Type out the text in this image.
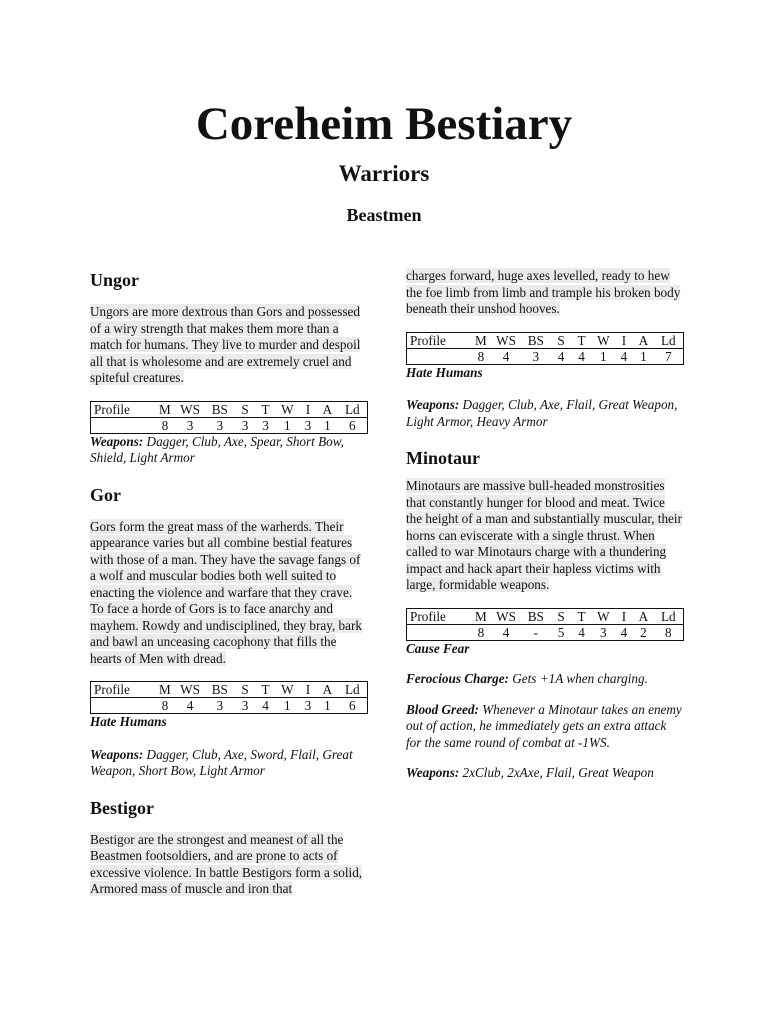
Coreheim Bestiary
Warriors
Beastmen
Ungor

Ungors are more dextrous than Gors and possessed of a wiry strength that makes them more than a match for humans. They live to murder and despoil all that is wholesome and are extremely cruel and spiteful creatures.

Profile	M	WS	BS	S	T	W	I	A	Ld
	8	3	3	3	3	1	3	1	6

Weapons: Dagger, Club, Axe, Spear, Short Bow, Shield, Light Armor

Gor

Gors form the great mass of the warherds. Their appearance varies but all combine bestial features with those of a man. They have the savage fangs of a wolf and muscular bodies both well suited to enacting the violence and warfare that they crave. To face a horde of Gors is to face anarchy and mayhem. Rowdy and undisciplined, they bray, bark and bawl an unceasing cacophony that fills the hearts of Men with dread.

Profile	M	WS	BS	S	T	W	I	A	Ld
	8	4	3	3	4	1	3	1	6

Hate Humans

Weapons: Dagger, Club, Axe, Sword, Flail, Great Weapon, Short Bow, Light Armor

Bestigor

Bestigor are the strongest and meanest of all the Beastmen footsoldiers, and are prone to acts of excessive violence. In battle Bestigors form a solid, Armored mass of muscle and iron that

charges forward, huge axes levelled, ready to hew the foe limb from limb and trample his broken body beneath their unshod hooves.

Profile	M	WS	BS	S	T	W	I	A	Ld
	8	4	3	4	4	1	4	1	7

Hate Humans

Weapons: Dagger, Club, Axe, Flail, Great Weapon, Light Armor, Heavy Armor

Minotaur

Minotaurs are massive bull-headed monstrosities that constantly hunger for blood and meat. Twice the height of a man and substantially muscular, their horns can eviscerate with a single thrust. When called to war Minotaurs charge with a thundering impact and hack apart their hapless victims with large, formidable weapons.

Profile	M	WS	BS	S	T	W	I	A	Ld
	8	4	-	5	4	3	4	2	8

Cause Fear

Ferocious Charge: Gets +1A when charging.

Blood Greed: Whenever a Minotaur takes an enemy out of action, he immediately gets an extra attack for the same round of combat at -1WS.

Weapons: 2xClub, 2xAxe, Flail, Great Weapon
